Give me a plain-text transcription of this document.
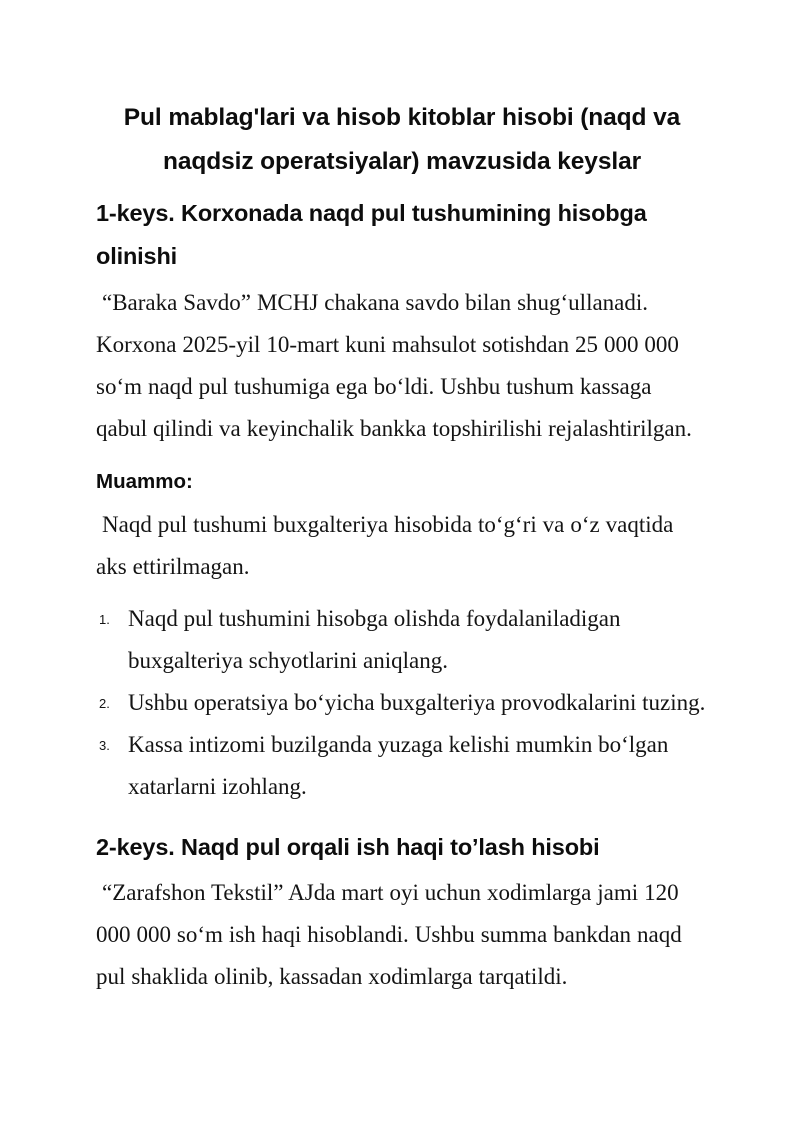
Pul mablag'lari va hisob kitoblar hisobi (naqd va
naqdsiz operatsiyalar) mavzusida keyslar
1-keys. Korxonada naqd pul tushumining hisobga olinishi

“Baraka Savdo” MCHJ chakana savdo bilan shug‘ullanadi. Korxona 2025-yil 10-mart kuni mahsulot sotishdan 25 000 000 so‘m naqd pul tushumiga ega bo‘ldi. Ushbu tushum kassaga qabul qilindi va keyinchalik bankka topshirilishi rejalashtirilgan.

Muammo:

Naqd pul tushumi buxgalteriya hisobida to‘g‘ri va o‘z vaqtida aks ettirilmagan.

1. Naqd pul tushumini hisobga olishda foydalaniladigan buxgalteriya schyotlarini aniqlang.
2. Ushbu operatsiya bo‘yicha buxgalteriya provodkalarini tuzing.
3. Kassa intizomi buzilganda yuzaga kelishi mumkin bo‘lgan xatarlarni izohlang.
2-keys. Naqd pul orqali ish haqi to’lash hisobi

“Zarafshon Tekstil” AJda mart oyi uchun xodimlarga jami 120 000 000 so‘m ish haqi hisoblandi. Ushbu summa bankdan naqd pul shaklida olinib, kassadan xodimlarga tarqatildi.
